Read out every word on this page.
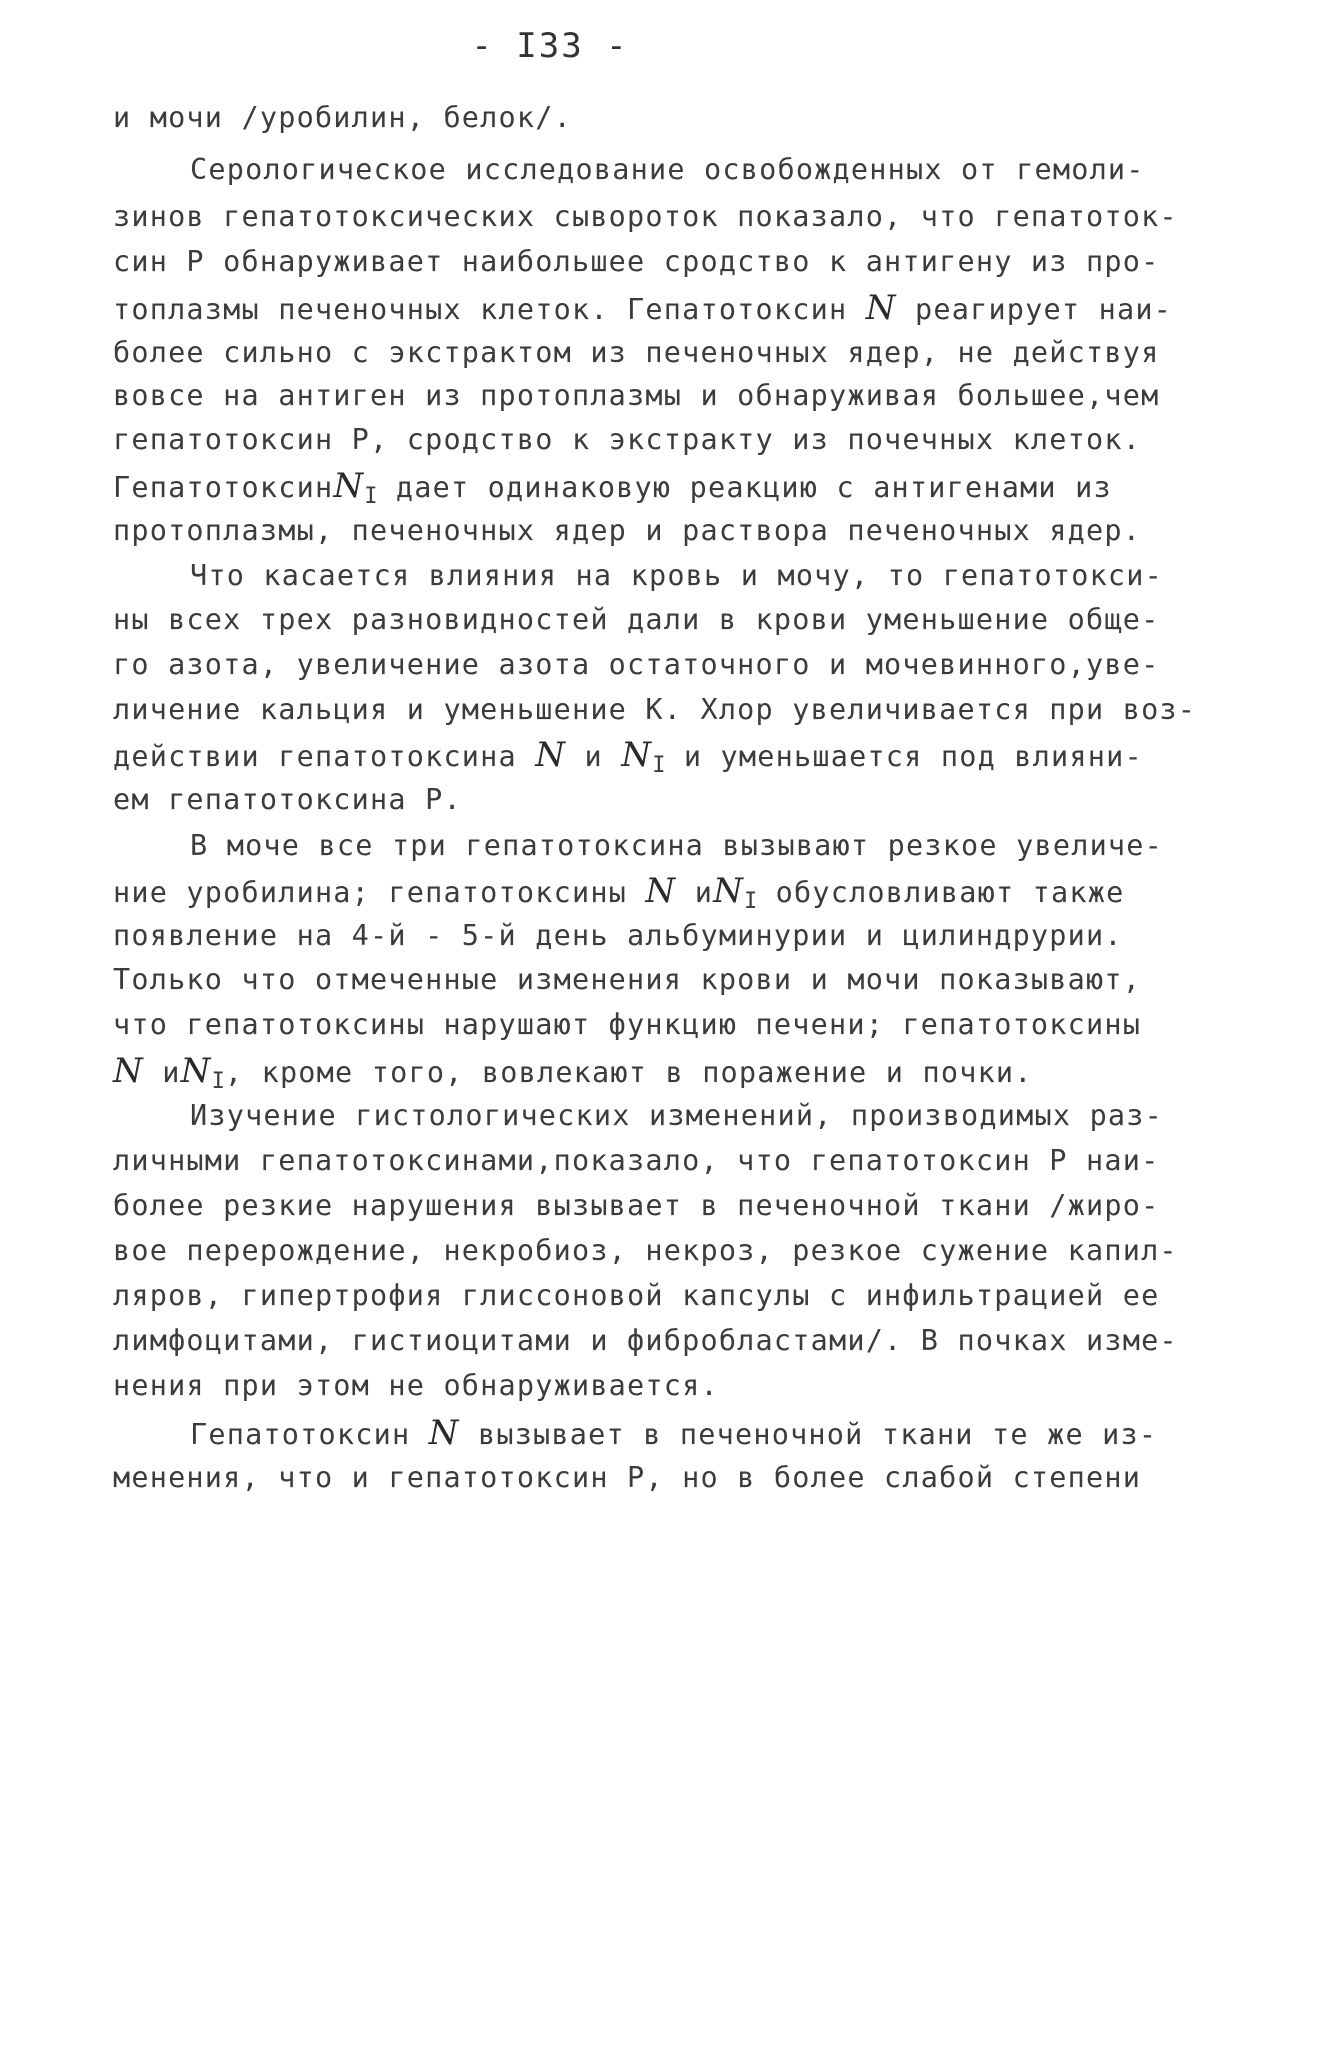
- I33 -
и мочи /уробилин, белок/.
Серологическое исследование освобожденных от гемоли-
зинов гепатотоксических сывороток показало, что гепатоток-
син Р обнаруживает наибольшее сродство к антигену из про-
топлазмы печеночных клеток. Гепатотоксин N реагирует наи-
более сильно с экстрактом из печеночных ядер, не действуя
вовсе на антиген из протоплазмы и обнаруживая большее,чем
гепатотоксин Р, сродство к экстракту из почечных клеток.
ГепатотоксинN$_I$ дает одинаковую реакцию с антигенами из
протоплазмы, печеночных ядер и раствора печеночных ядер.
Что касается влияния на кровь и мочу, то гепатотокси-
ны всех трех разновидностей дали в крови уменьшение обще-
го азота, увеличение азота остаточного и мочевинного,уве-
личение кальция и уменьшение К. Хлор увеличивается при воз-
действии гепатотоксина N и $N_I$ и уменьшается под влияни-
ем гепатотоксина Р.
В моче все три гепатотоксина вызывают резкое увеличе-
ние уробилина; гепатотоксины N $иN_I$ обусловливают также
появление на 4-й - 5-й день альбуминурии и цилиндрурии.
Только что отмеченные изменения крови и мочи показывают,
что гепатотоксины нарушают функцию печени; гепатотоксины
N $иN_I$, кроме того, вовлекают в поражение и почки.
Изучение гистологических изменений, производимых раз-
личными гепатотоксинами,показало, что гепатотоксин Р наи-
более резкие нарушения вызывает в печеночной ткани /жиро-
вое перерождение, некробиоз, некроз, резкое сужение капил-
ляров, гипертрофия глиссоновой капсулы с инфильтрацией ее
лимфоцитами, гистиоцитами и фибробластами/. В почках изме-
нения при этом не обнаруживается.
Гепатотоксин N вызывает в печеночной ткани те же из-
менения, что и гепатотоксин Р, но в более слабой степени
